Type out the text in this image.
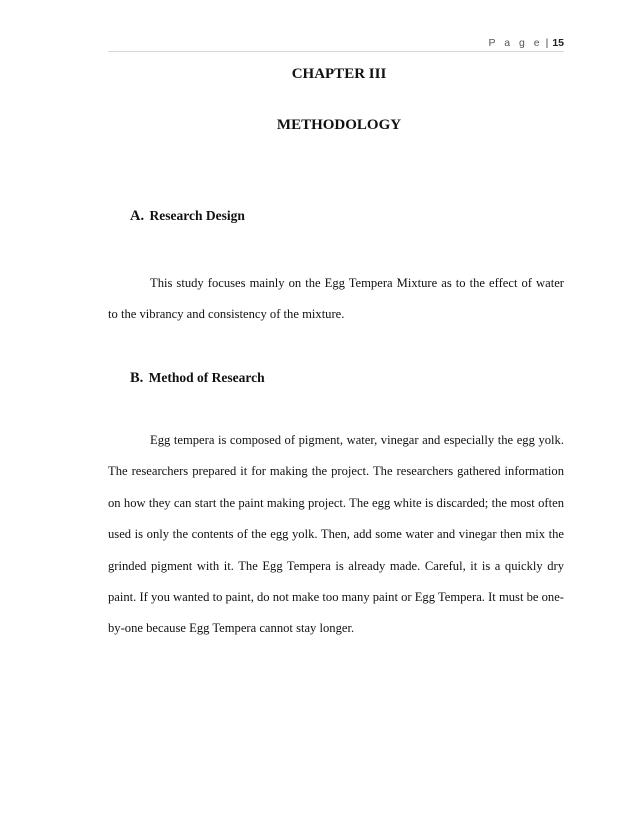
P a g e | 15
CHAPTER III
METHODOLOGY
A. Research Design

This study focuses mainly on the Egg Tempera Mixture as to the effect of water to the vibrancy and consistency of the mixture.

B. Method of Research

Egg tempera is composed of pigment, water, vinegar and especially the egg yolk. The researchers prepared it for making the project. The researchers gathered information on how they can start the paint making project. The egg white is discarded; the most often used is only the contents of the egg yolk. Then, add some water and vinegar then mix the grinded pigment with it. The Egg Tempera is already made. Careful, it is a quickly dry paint. If you wanted to paint, do not make too many paint or Egg Tempera. It must be one-by-one because Egg Tempera cannot stay longer.
